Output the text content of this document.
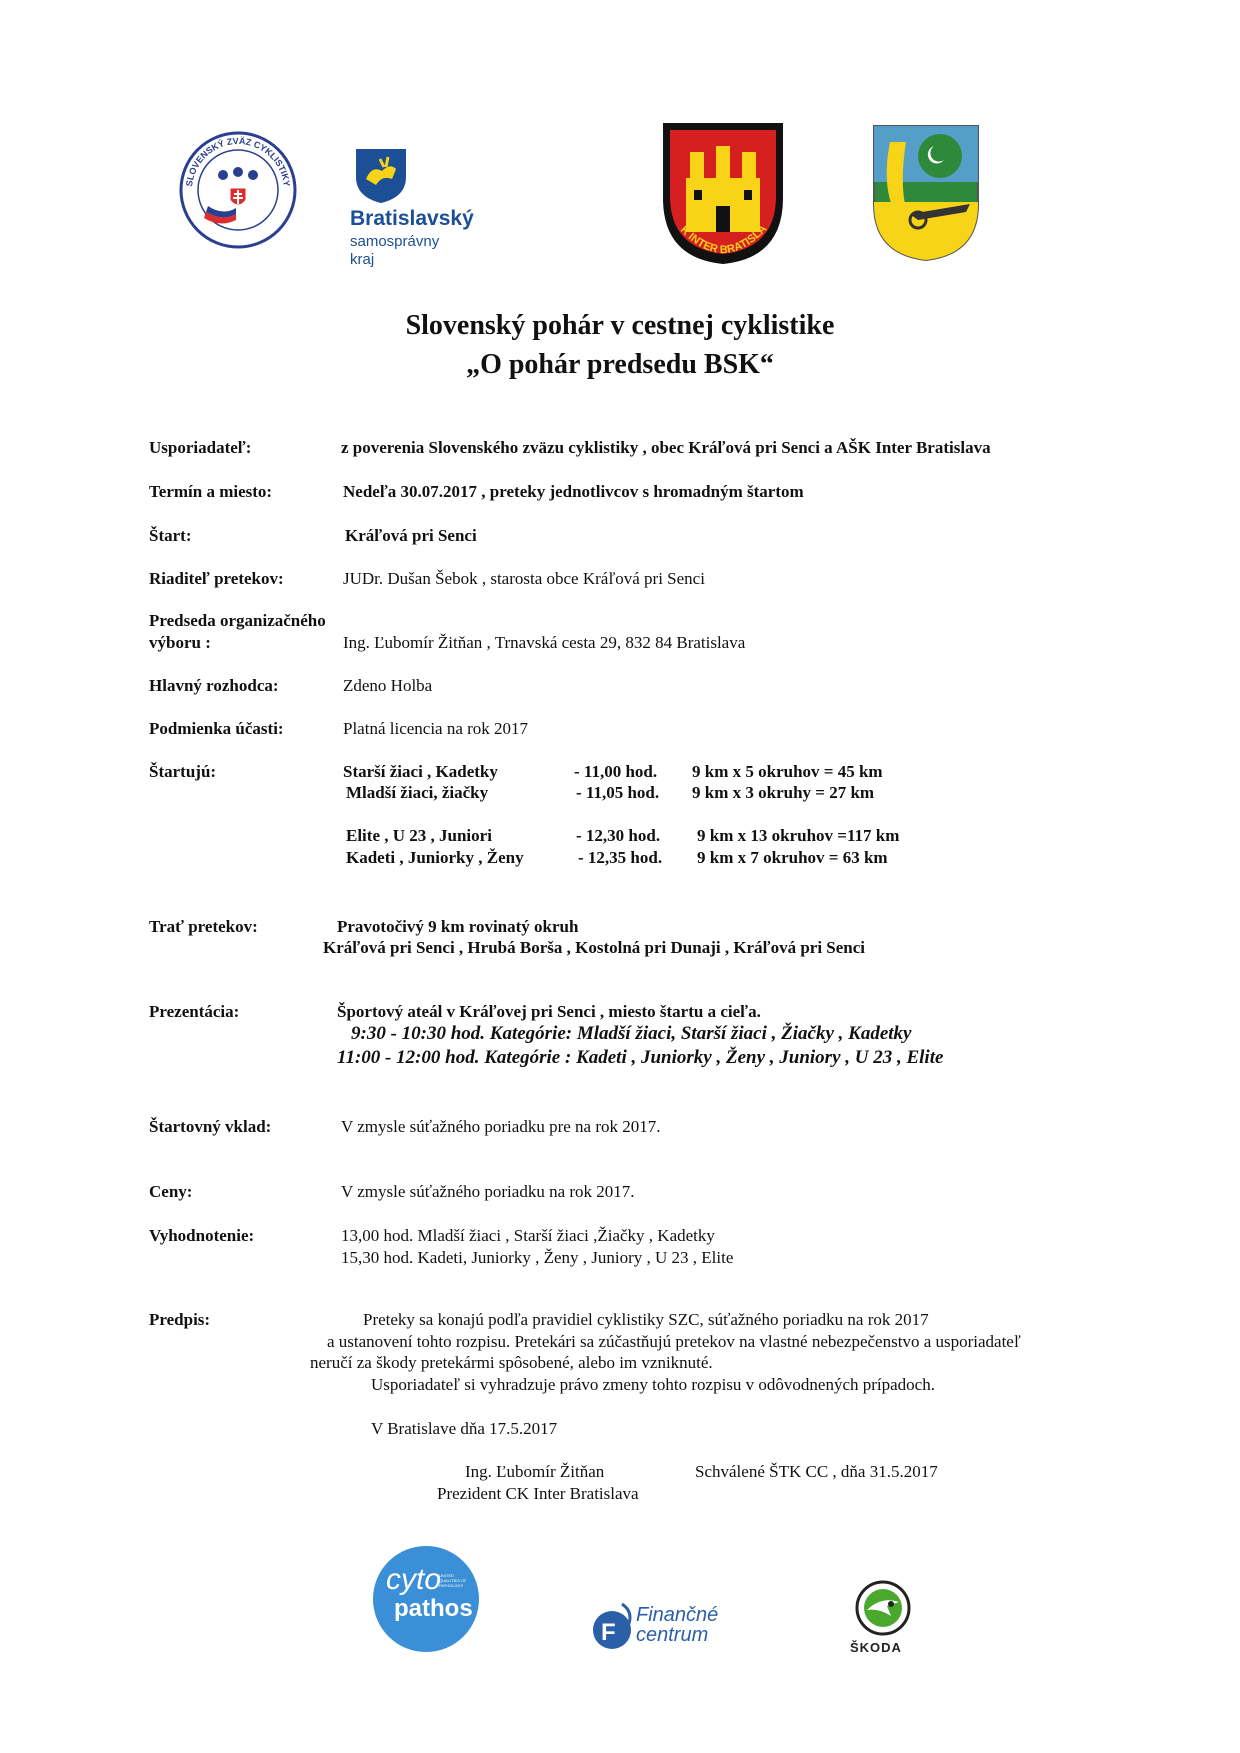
SLOVENSKÝ ZVÄZ CYKLISTIKY
Bratislavský
samosprávny
kraj
K INTER BRATISLA
Slovenský pohár v cestnej cyklistike
„O pohár predsedu BSK“
Usporiadateľ:	z poverenia Slovenského zväzu cyklistiky , obec Kráľová pri Senci a AŠK Inter Bratislava
Termín a miesto:	Nedeľa 30.07.2017 , preteky jednotlivcov s hromadným štartom
Štart:	Kráľová pri Senci
Riaditeľ pretekov:	JUDr. Dušan Šebok , starosta obce Kráľová pri Senci
Predseda organizačného
výboru :	Ing. Ľubomír Žitňan , Trnavská cesta 29, 832 84 Bratislava
Hlavný rozhodca:	Zdeno Holba
Podmienka účasti:	Platná licencia na rok 2017
Štartujú:	Starší žiaci , Kadetky	- 11,00 hod. 9 km x 5 okruhov = 45 km
Mladší žiaci, žiačky	- 11,05 hod. 9 km x 3 okruhy = 27 km
Elite , U 23 , Juniori	- 12,30 hod. 9 km x 13 okruhov =117 km
Kadeti , Juniorky , Ženy	- 12,35 hod. 9 km x 7 okruhov = 63 km
Trať pretekov:	Pravotočivý 9 km rovinatý okruh
Kráľová pri Senci , Hrubá Borša , Kostolná pri Dunaji , Kráľová pri Senci
Prezentácia:	Športový ateál v Kráľovej pri Senci , miesto štartu a cieľa.
9:30 - 10:30 hod. Kategórie: Mladší žiaci, Starší žiaci , Žiačky , Kadetky
11:00 - 12:00 hod. Kategórie : Kadeti , Juniorky , Ženy , Juniory , U 23 , Elite
Štartovný vklad:	V zmysle súťažného poriadku pre na rok 2017.
Ceny:	V zmysle súťažného poriadku na rok 2017.
Vyhodnotenie:	13,00 hod. Mladší žiaci , Starší žiaci ,Žiačky , Kadetky
15,30 hod. Kadeti, Juniorky , Ženy , Juniory , U 23 , Elite
Predpis:	Preteky sa konajú podľa pravidiel cyklistiky SZC, súťažného poriadku na rok 2017
a ustanovení tohto rozpisu. Pretekári sa zúčastňujú pretekov na vlastné nebezpečenstvo a usporiadateľ
neručí za škody pretekármi spôsobené, alebo im vzniknuté.
Usporiadateľ si vyhradzuje právo zmeny tohto rozpisu v odôvodnených prípadoch.
V Bratislave dňa 17.5.2017
Ing. Ľubomír Žitňan
Prezident CK Inter Bratislava
Schválené ŠTK CC , dňa 31.5.2017
cyto
UNITED QUALITIES OF PATHOLOGY
pathos
F
Finančné
centrum
ŠKODA
